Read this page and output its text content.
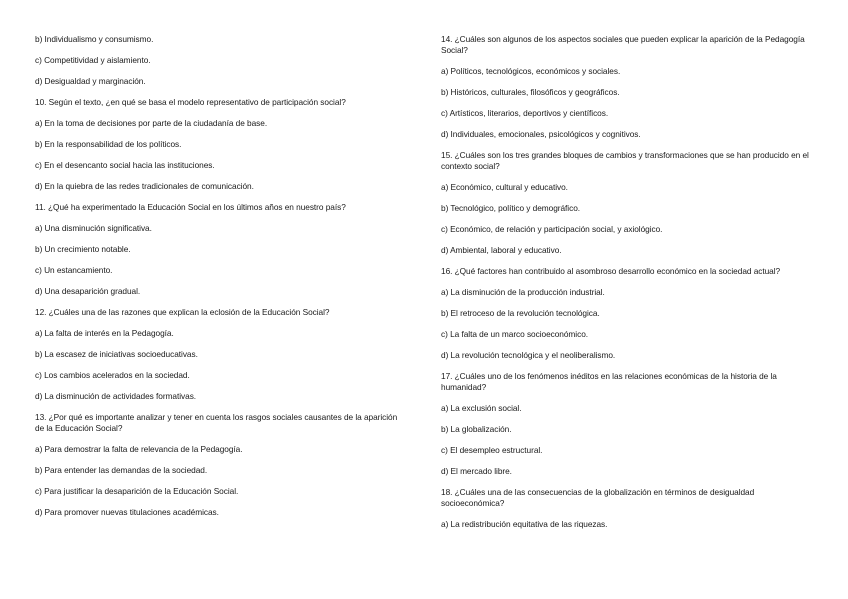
b) Individualismo y consumismo.

c) Competitividad y aislamiento.

d) Desigualdad y marginación.

10. Según el texto, ¿en qué se basa el modelo representativo de participación social?

a) En la toma de decisiones por parte de la ciudadanía de base.

b) En la responsabilidad de los políticos.

c) En el desencanto social hacia las instituciones.

d) En la quiebra de las redes tradicionales de comunicación.

11. ¿Qué ha experimentado la Educación Social en los últimos años en nuestro país?

a) Una disminución significativa.

b) Un crecimiento notable.

c) Un estancamiento.

d) Una desaparición gradual.

12. ¿Cuáles una de las razones que explican la eclosión de la Educación Social?

a) La falta de interés en la Pedagogía.

b) La escasez de iniciativas socioeducativas.

c) Los cambios acelerados en la sociedad.

d) La disminución de actividades formativas.

13. ¿Por qué es importante analizar y tener en cuenta los rasgos sociales causantes de la aparición de la Educación Social?

a) Para demostrar la falta de relevancia de la Pedagogía.

b) Para entender las demandas de la sociedad.

c) Para justificar la desaparición de la Educación Social.

d) Para promover nuevas titulaciones académicas.

14. ¿Cuáles son algunos de los aspectos sociales que pueden explicar la aparición de la Pedagogía Social?

a) Políticos, tecnológicos, económicos y sociales.

b) Históricos, culturales, filosóficos y geográficos.

c) Artísticos, literarios, deportivos y científicos.

d) Individuales, emocionales, psicológicos y cognitivos.

15. ¿Cuáles son los tres grandes bloques de cambios y transformaciones que se han producido en el contexto social?

a) Económico, cultural y educativo.

b) Tecnológico, político y demográfico.

c) Económico, de relación y participación social, y axiológico.

d) Ambiental, laboral y educativo.

16. ¿Qué factores han contribuido al asombroso desarrollo económico en la sociedad actual?

a) La disminución de la producción industrial.

b) El retroceso de la revolución tecnológica.

c) La falta de un marco socioeconómico.

d) La revolución tecnológica y el neoliberalismo.

17. ¿Cuáles uno de los fenómenos inéditos en las relaciones económicas de la historia de la humanidad?

a) La exclusión social.

b) La globalización.

c) El desempleo estructural.

d) El mercado libre.

18. ¿Cuáles una de las consecuencias de la globalización en términos de desigualdad socioeconómica?

a) La redistribución equitativa de las riquezas.
